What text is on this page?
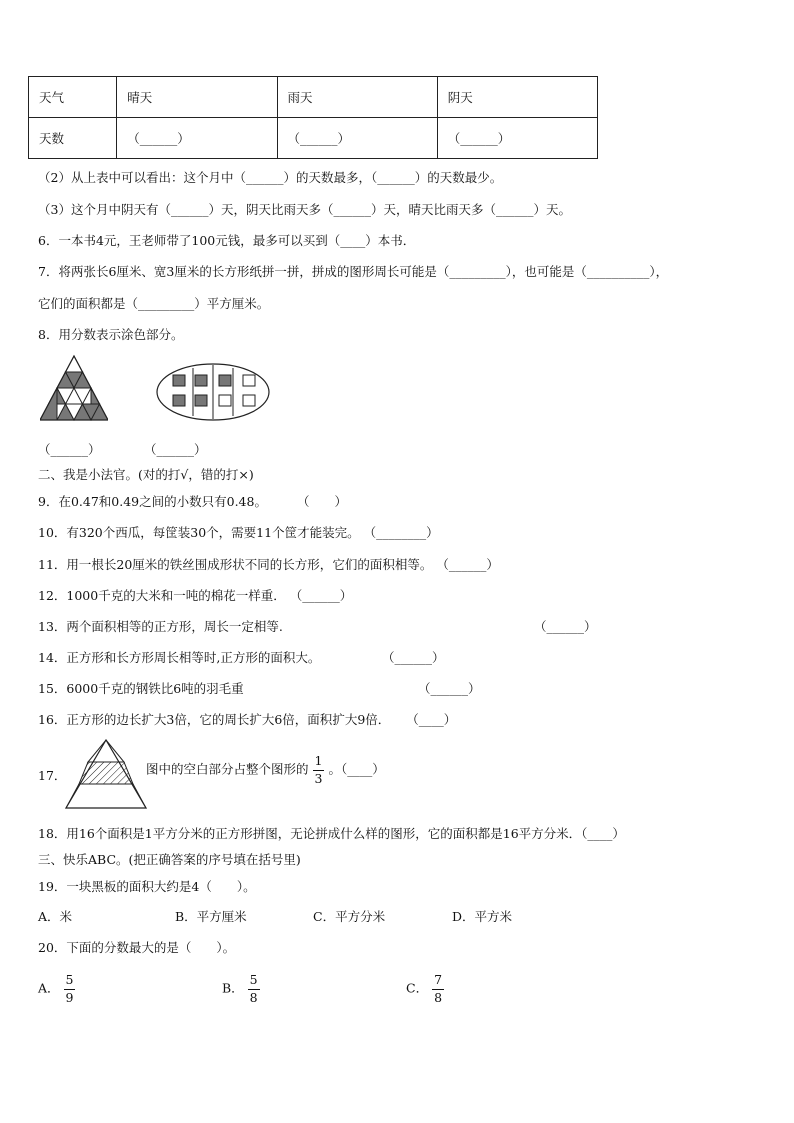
天气	晴天	雨天	阴天
天数	（______）	（______）	（______）
（2）从上表中可以看出：这个月中（______）的天数最多，（______）的天数最少。
（3）这个月中阴天有（______）天，阴天比雨天多（______）天，晴天比雨天多（______）天。
6．一本书4元，王老师带了100元钱，最多可以买到（____）本书．
7．将两张长6厘米、宽3厘米的长方形纸拼一拼，拼成的图形周长可能是（_________），也可能是（__________），
它们的面积都是（_________）平方厘米。
8．用分数表示涂色部分。
（______）	（______）
二、我是小法官。(对的打√，错的打×)
9．在0.47和0.49之间的小数只有0.48。 （　　）
10．有320个西瓜，每筐装30个，需要11个筐才能装完。 （________）
11．用一根长20厘米的铁丝围成形状不同的长方形，它们的面积相等。 （______）
12．1000千克的大米和一吨的棉花一样重． （______）
13．两个面积相等的正方形，周长一定相等.	（______）
14．正方形和长方形周长相等时,正方形的面积大。	（______）
15．6000千克的钢铁比6吨的羽毛重	（______）
16．正方形的边长扩大3倍，它的周长扩大6倍，面积扩大9倍． （____）
17．	图中的空白部分占整个图形的 $\frac{1}{3}$ 。（____）
18．用16个面积是1平方分米的正方形拼图，无论拼成什么样的图形，它的面积都是16平方分米．（____）
三、快乐ABC。(把正确答案的序号填在括号里)
19．一块黑板的面积大约是4（　　）。
A．米	B．平方厘米	C．平方分米	D．平方米
20．下面的分数最大的是（　　）。
A． $\frac{5}{9}$	B． $\frac{5}{8}$	C． $\frac{7}{8}$
